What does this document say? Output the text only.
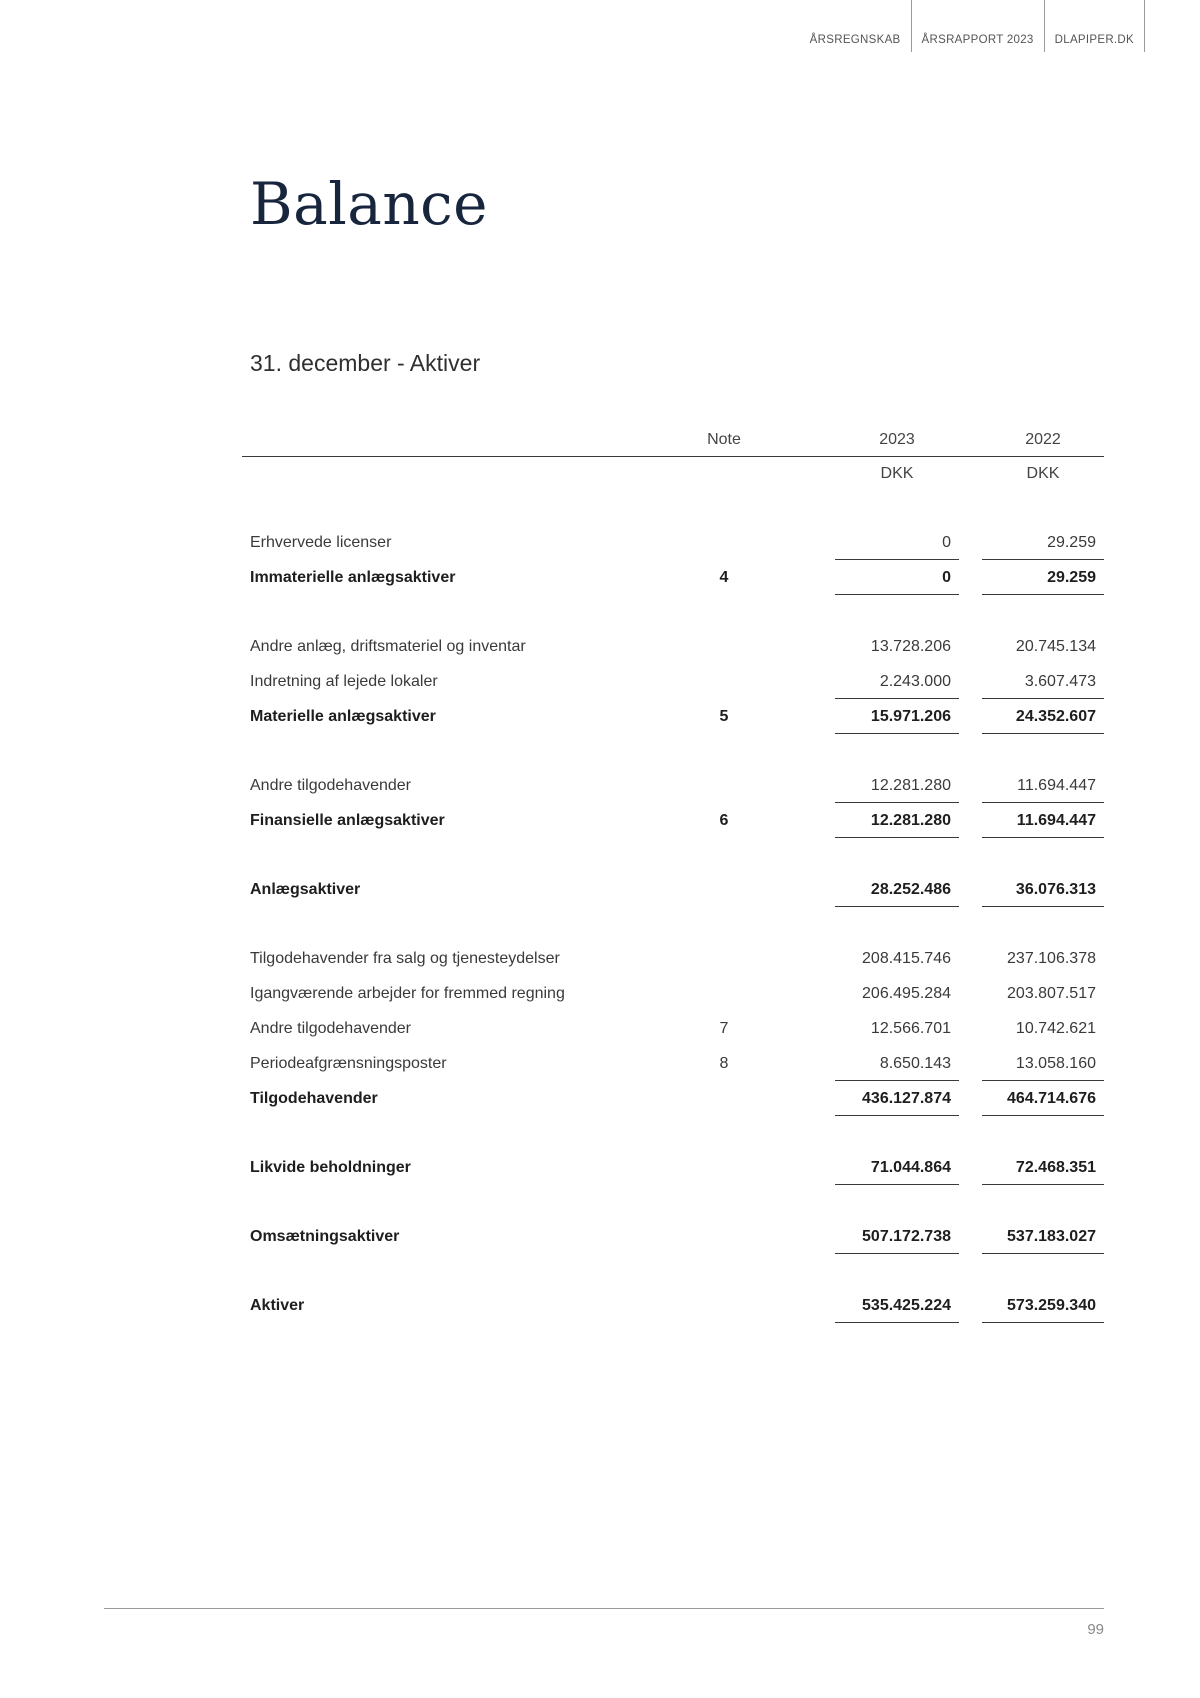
ÅRSREGNSKAB	ÅRSRAPPORT 2023	DLAPIPER.DK
Balance
31. december - Aktiver
Note	2023	2022
DKK	DKK
Erhvervede licenser	0	29.259
Immaterielle anlægsaktiver	4	0	29.259
Andre anlæg, driftsmateriel og inventar	13.728.206	20.745.134
Indretning af lejede lokaler	2.243.000	3.607.473
Materielle anlægsaktiver	5	15.971.206	24.352.607
Andre tilgodehavender	12.281.280	11.694.447
Finansielle anlægsaktiver	6	12.281.280	11.694.447
Anlægsaktiver	28.252.486	36.076.313
Tilgodehavender fra salg og tjenesteydelser	208.415.746	237.106.378
Igangværende arbejder for fremmed regning	206.495.284	203.807.517
Andre tilgodehavender	7	12.566.701	10.742.621
Periodeafgrænsningsposter	8	8.650.143	13.058.160
Tilgodehavender	436.127.874	464.714.676
Likvide beholdninger	71.044.864	72.468.351
Omsætningsaktiver	507.172.738	537.183.027
Aktiver	535.425.224	573.259.340
99
